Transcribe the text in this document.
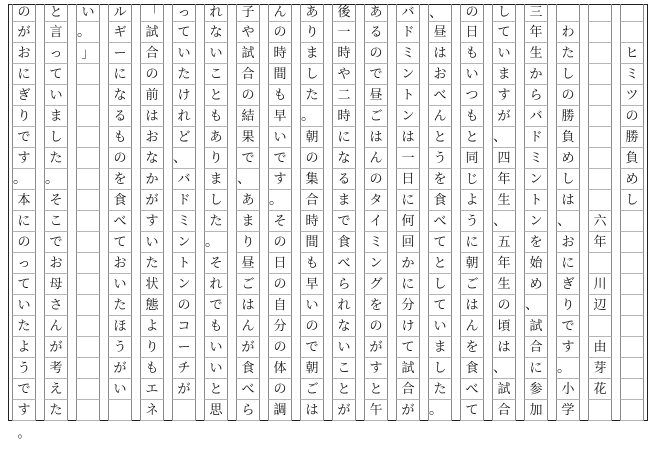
ヒ
ミ
ツ
の
勝
負
め
し
六
年

川
辺

由
芽
花
わ
た
し
の
勝
負
め
し
は
、
お
に
ぎ
り
で
す
。
小
学
三
年
生
か
ら
バ
ド
ミ
ン
ト
ン
を
始
め
、
試
合
に
参
加
し
て
い
ま
す
が
、
四
年
生
、
五
年
生
の
頃
は
、
試
合
の
日
も
い
つ
も
と
同
じ
よ
う
に
朝
ご
は
ん
を
食
べ
て
、
昼
は
お
べ
ん
と
う
を
食
べ
て
と
し
て
い
ま
し
た
。
バ
ド
ミ
ン
ト
ン
は
一
日
に
何
回
か
に
分
け
て
試
合
が
あ
る
の
で
昼
ご
は
ん
の
タ
イ
ミ
ン
グ
を
の
が
す
と
午
後
一
時
や
二
時
に
な
る
ま
で
食
べ
ら
れ
な
い
こ
と
が
あ
り
ま
し
た
。
朝
の
集
合
時
間
も
早
い
の
で
朝
ご
は
ん
の
時
間
も
早
い
で
す
。
そ
の
日
の
自
分
の
体
の
調
子
や
試
合
の
結
果
で
、
あ
ま
り
昼
ご
は
ん
が
食
べ
ら
れ
な
い
こ
と
も
あ
り
ま
し
た
。
そ
れ
で
も
い
い
と
思
っ
て
い
た
け
れ
ど
、
バ
ド
ミ
ン
ト
ン
の
コ
ー
チ
が
「
試
合
の
前
は
お
な
か
が
す
い
た
状
態
よ
り
も
エ
ネ
ル
ギ
ー
に
な
る
も
の
を
食
べ
て
お
い
た
ほ
う
が
い
い
。
」
と
言
っ
て
い
ま
し
た
。
そ
こ
で
お
母
さ
ん
が
考
え
た
の
が
お
に
ぎ
り
で
す
。
本
に
の
っ
て
い
た
よ
う
で
す
。
